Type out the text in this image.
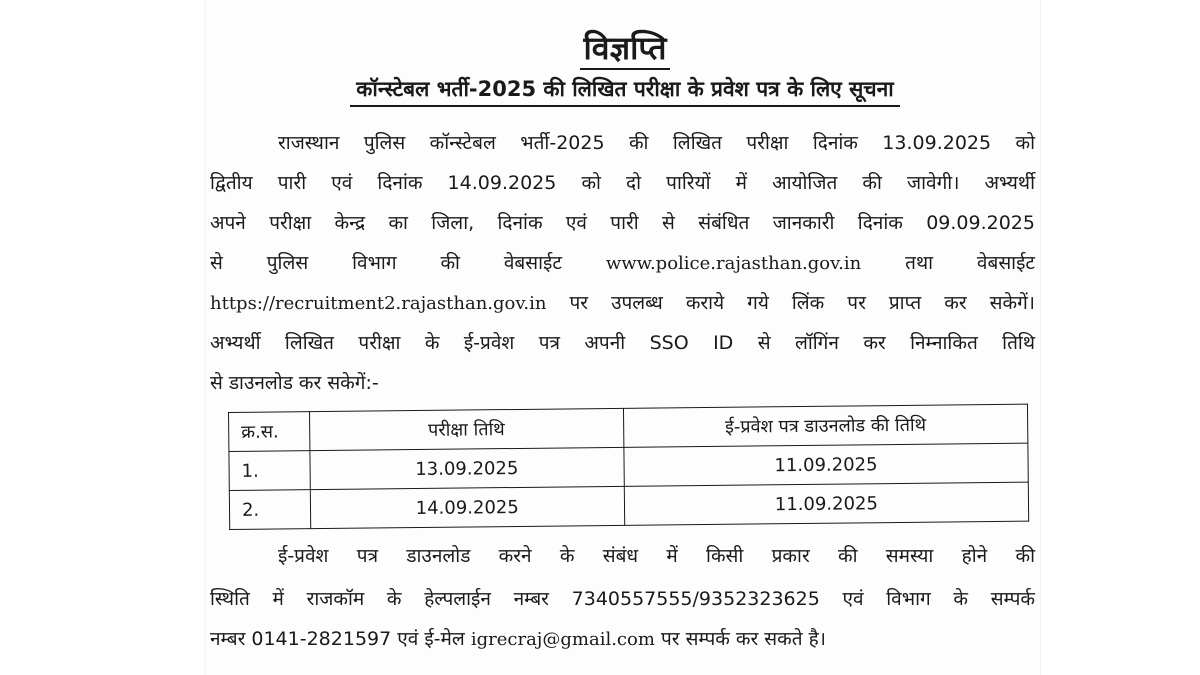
विज्ञप्ति
कॉन्स्टेबल भर्ती-2025 की लिखित परीक्षा के प्रवेश पत्र के लिए सूचना
राजस्थान पुलिस कॉन्स्टेबल भर्ती-2025 की लिखित परीक्षा दिनांक 13.09.2025 को
द्वितीय पारी एवं दिनांक 14.09.2025 को दो पारियों में आयोजित की जावेगी। अभ्यर्थी
अपने परीक्षा केन्द्र का जिला, दिनांक एवं पारी से संबंधित जानकारी दिनांक 09.09.2025
से पुलिस विभाग की वेबसाईट www.police.rajasthan.gov.in तथा वेबसाईट
https://recruitment2.rajasthan.gov.in पर उपलब्ध कराये गये लिंक पर प्राप्त कर सकेगें।
अभ्यर्थी लिखित परीक्षा के ई-प्रवेश पत्र अपनी SSO ID से लॉगिंन कर निम्नाकित तिथि
से डाउनलोड कर सकेगें:-
क्र.स.	परीक्षा तिथि	ई-प्रवेश पत्र डाउनलोड की तिथि
1.	13.09.2025	11.09.2025
2.	14.09.2025	11.09.2025
ई-प्रवेश पत्र डाउनलोड करने के संबंध में किसी प्रकार की समस्या होने की
स्थिति में राजकॉम के हेल्पलाईन नम्बर 7340557555/9352323625 एवं विभाग के सम्पर्क
नम्बर 0141-2821597 एवं ई-मेल igrecraj@gmail.com पर सम्पर्क कर सकते है।
